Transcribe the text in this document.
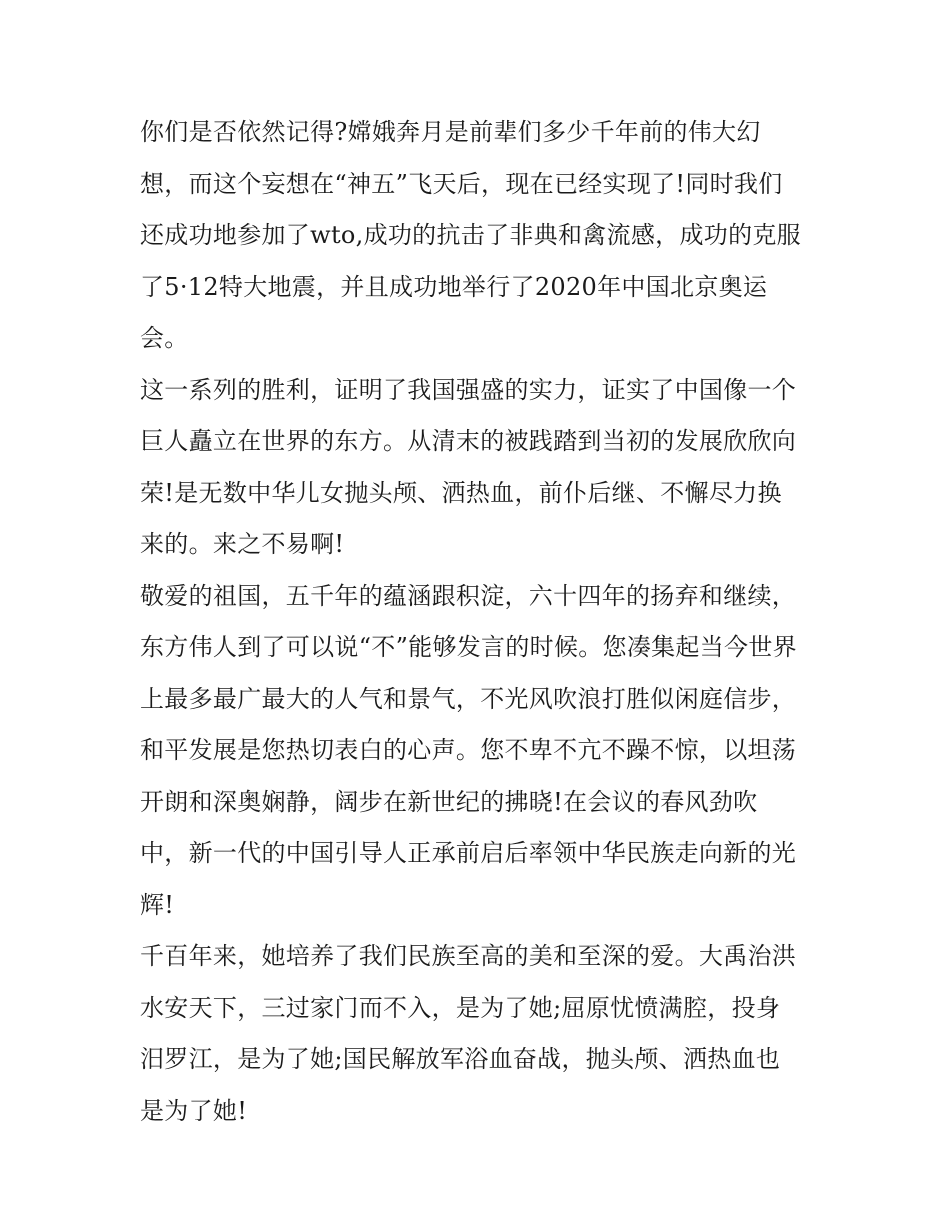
你们是否依然记得?嫦娥奔月是前辈们多少千年前的伟大幻
想，而这个妄想在“神五”飞天后，现在已经实现了!同时我们
还成功地参加了wto,成功的抗击了非典和禽流感，成功的克服
了5·12特大地震，并且成功地举行了2020年中国北京奥运
会。
这一系列的胜利，证明了我国强盛的实力，证实了中国像一个
巨人矗立在世界的东方。从清末的被践踏到当初的发展欣欣向
荣!是无数中华儿女抛头颅、洒热血，前仆后继、不懈尽力换
来的。来之不易啊!
敬爱的祖国，五千年的蕴涵跟积淀，六十四年的扬弃和继续，
东方伟人到了可以说“不”能够发言的时候。您凑集起当今世界
上最多最广最大的人气和景气，不光风吹浪打胜似闲庭信步，
和平发展是您热切表白的心声。您不卑不亢不躁不惊，以坦荡
开朗和深奥娴静，阔步在新世纪的拂晓!在会议的春风劲吹
中，新一代的中国引导人正承前启后率领中华民族走向新的光
辉!
千百年来，她培养了我们民族至高的美和至深的爱。大禹治洪
水安天下，三过家门而不入，是为了她;屈原忧愤满腔，投身
汨罗江，是为了她;国民解放军浴血奋战，抛头颅、洒热血也
是为了她!
